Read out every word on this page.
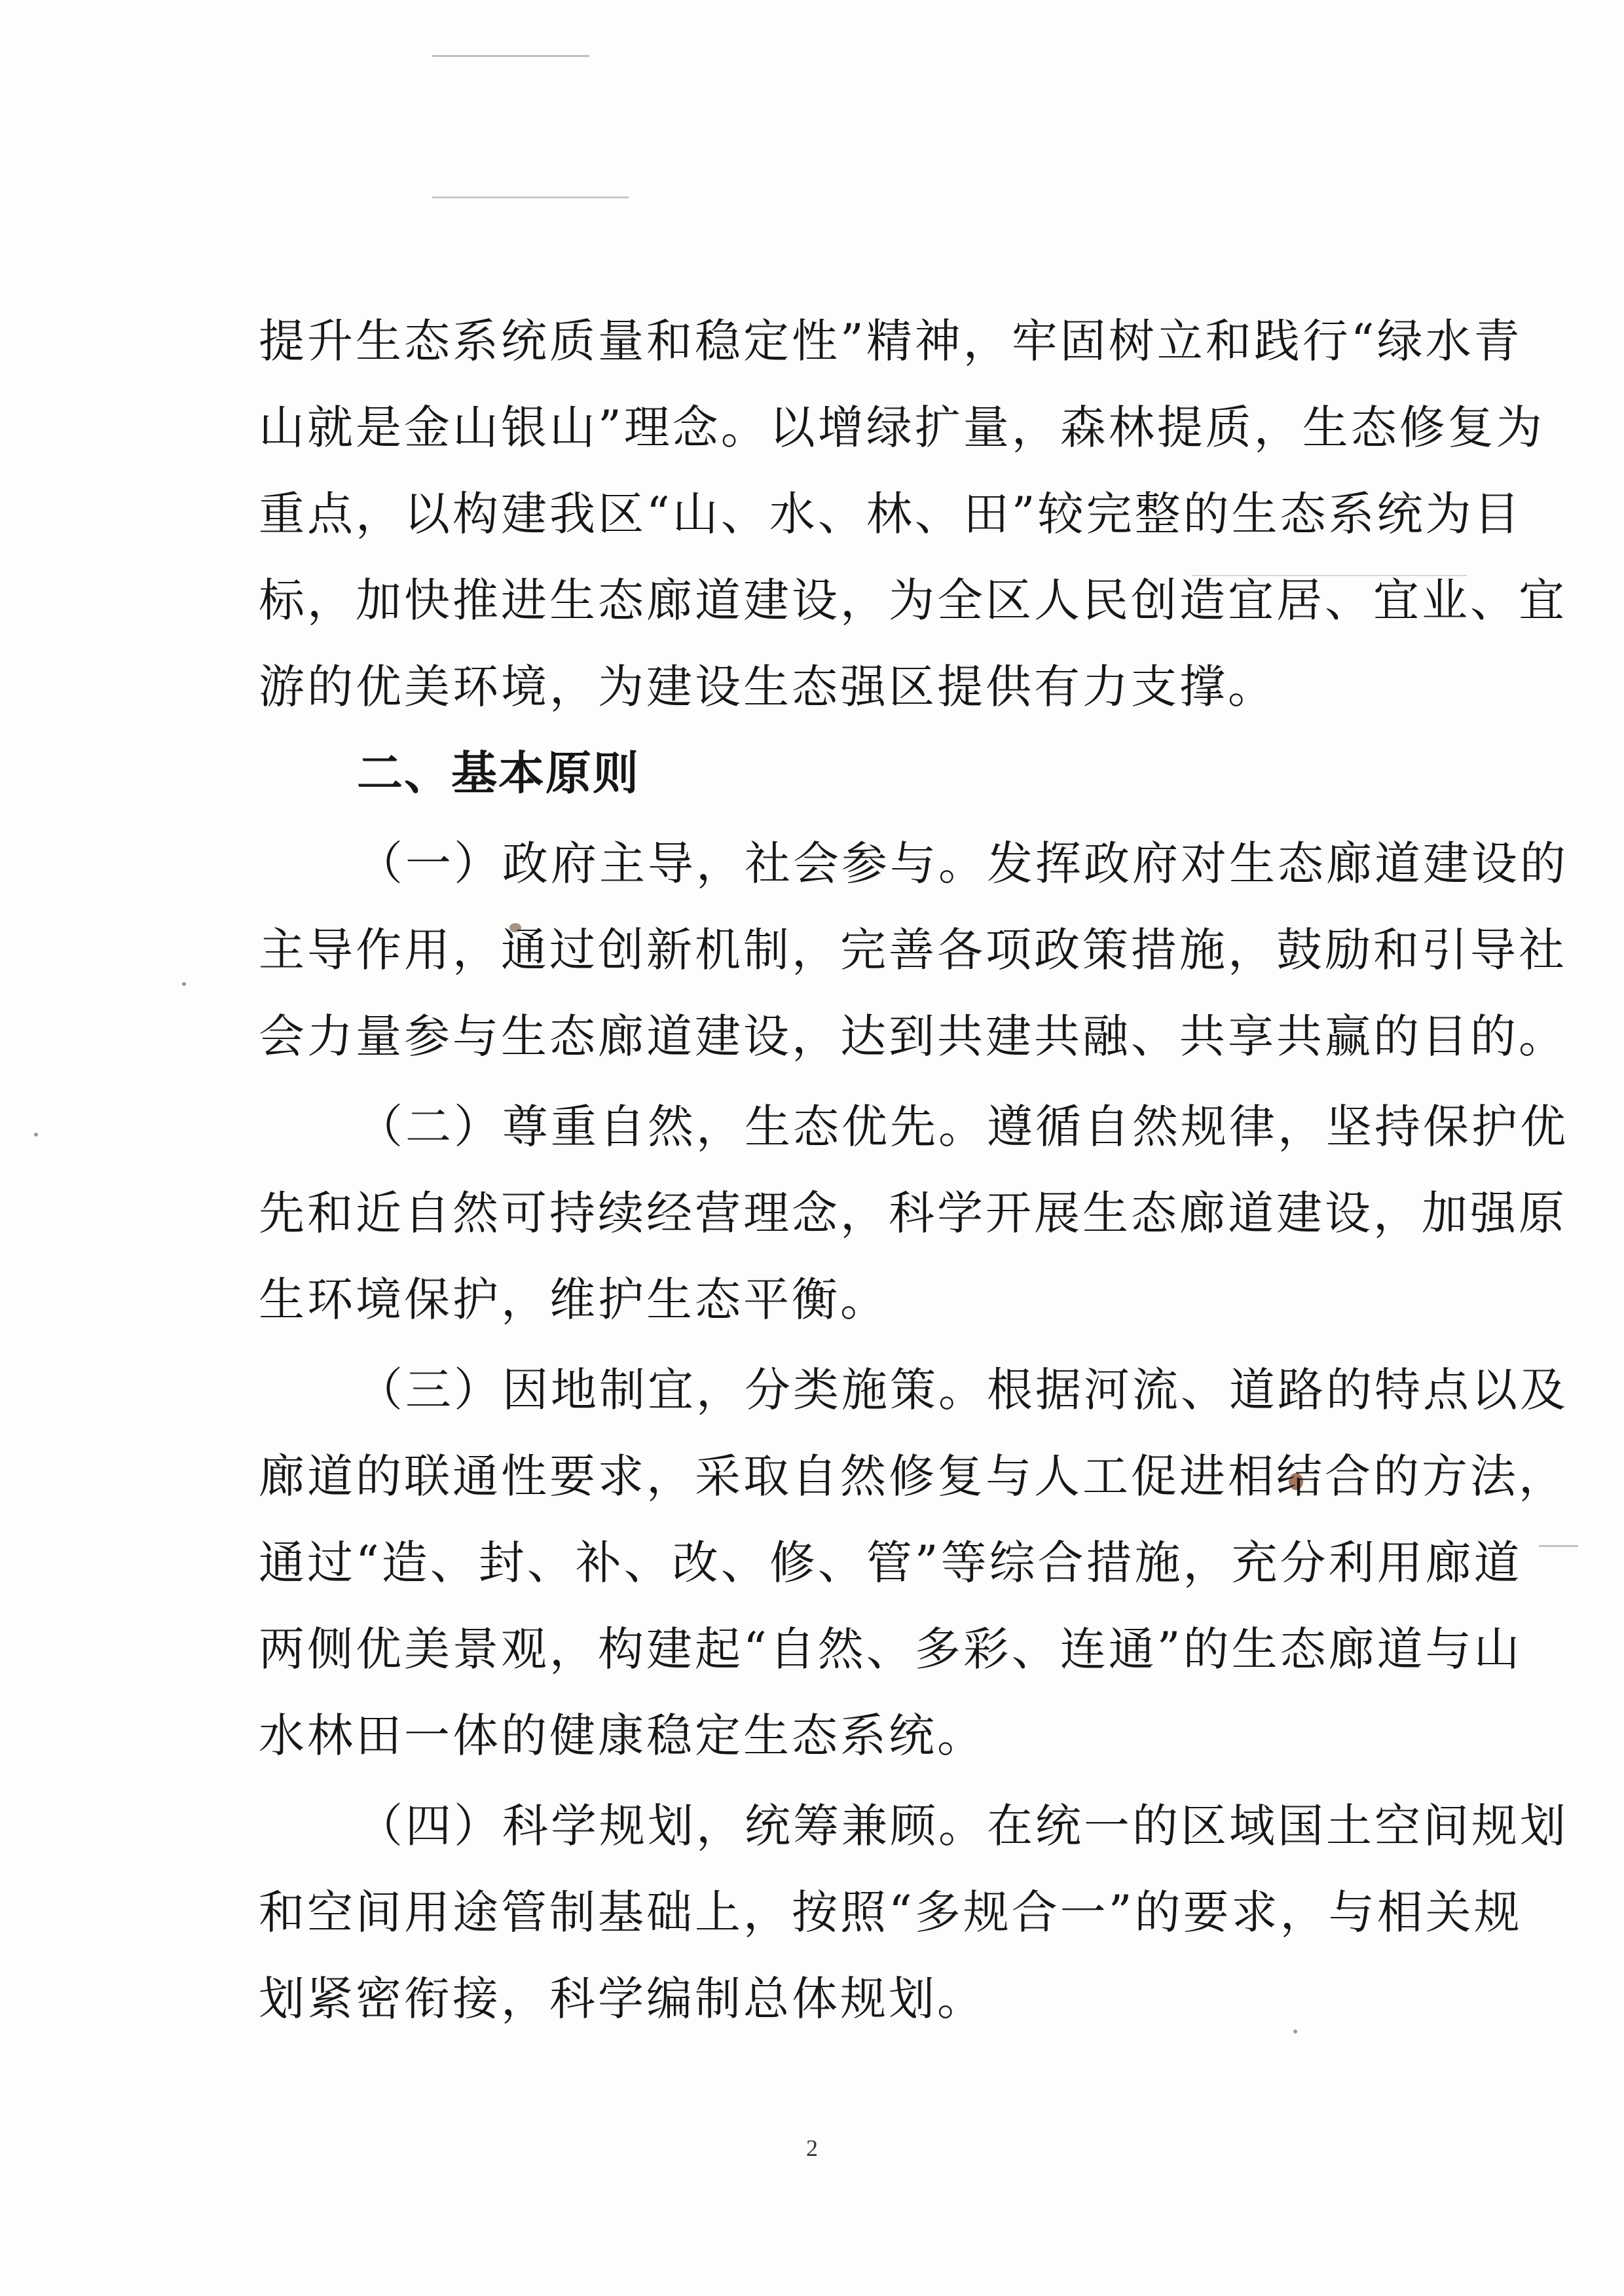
提升生态系统质量和稳定性”精神，牢固树立和践行“绿水青
山就是金山银山”理念。以增绿扩量，森林提质，生态修复为
重点，以构建我区“山、水、林、田”较完整的生态系统为目
标，加快推进生态廊道建设，为全区人民创造宜居、宜业、宜
游的优美环境，为建设生态强区提供有力支撑。
二、基本原则
（一）政府主导，社会参与。发挥政府对生态廊道建设的
主导作用，通过创新机制，完善各项政策措施，鼓励和引导社
会力量参与生态廊道建设，达到共建共融、共享共赢的目的。
（二）尊重自然，生态优先。遵循自然规律，坚持保护优
先和近自然可持续经营理念，科学开展生态廊道建设，加强原
生环境保护，维护生态平衡。
（三）因地制宜，分类施策。根据河流、道路的特点以及
廊道的联通性要求，采取自然修复与人工促进相结合的方法，
通过“造、封、补、改、修、管”等综合措施，充分利用廊道
两侧优美景观，构建起“自然、多彩、连通”的生态廊道与山
水林田一体的健康稳定生态系统。
（四）科学规划，统筹兼顾。在统一的区域国土空间规划
和空间用途管制基础上，按照“多规合一”的要求，与相关规
划紧密衔接，科学编制总体规划。
2
